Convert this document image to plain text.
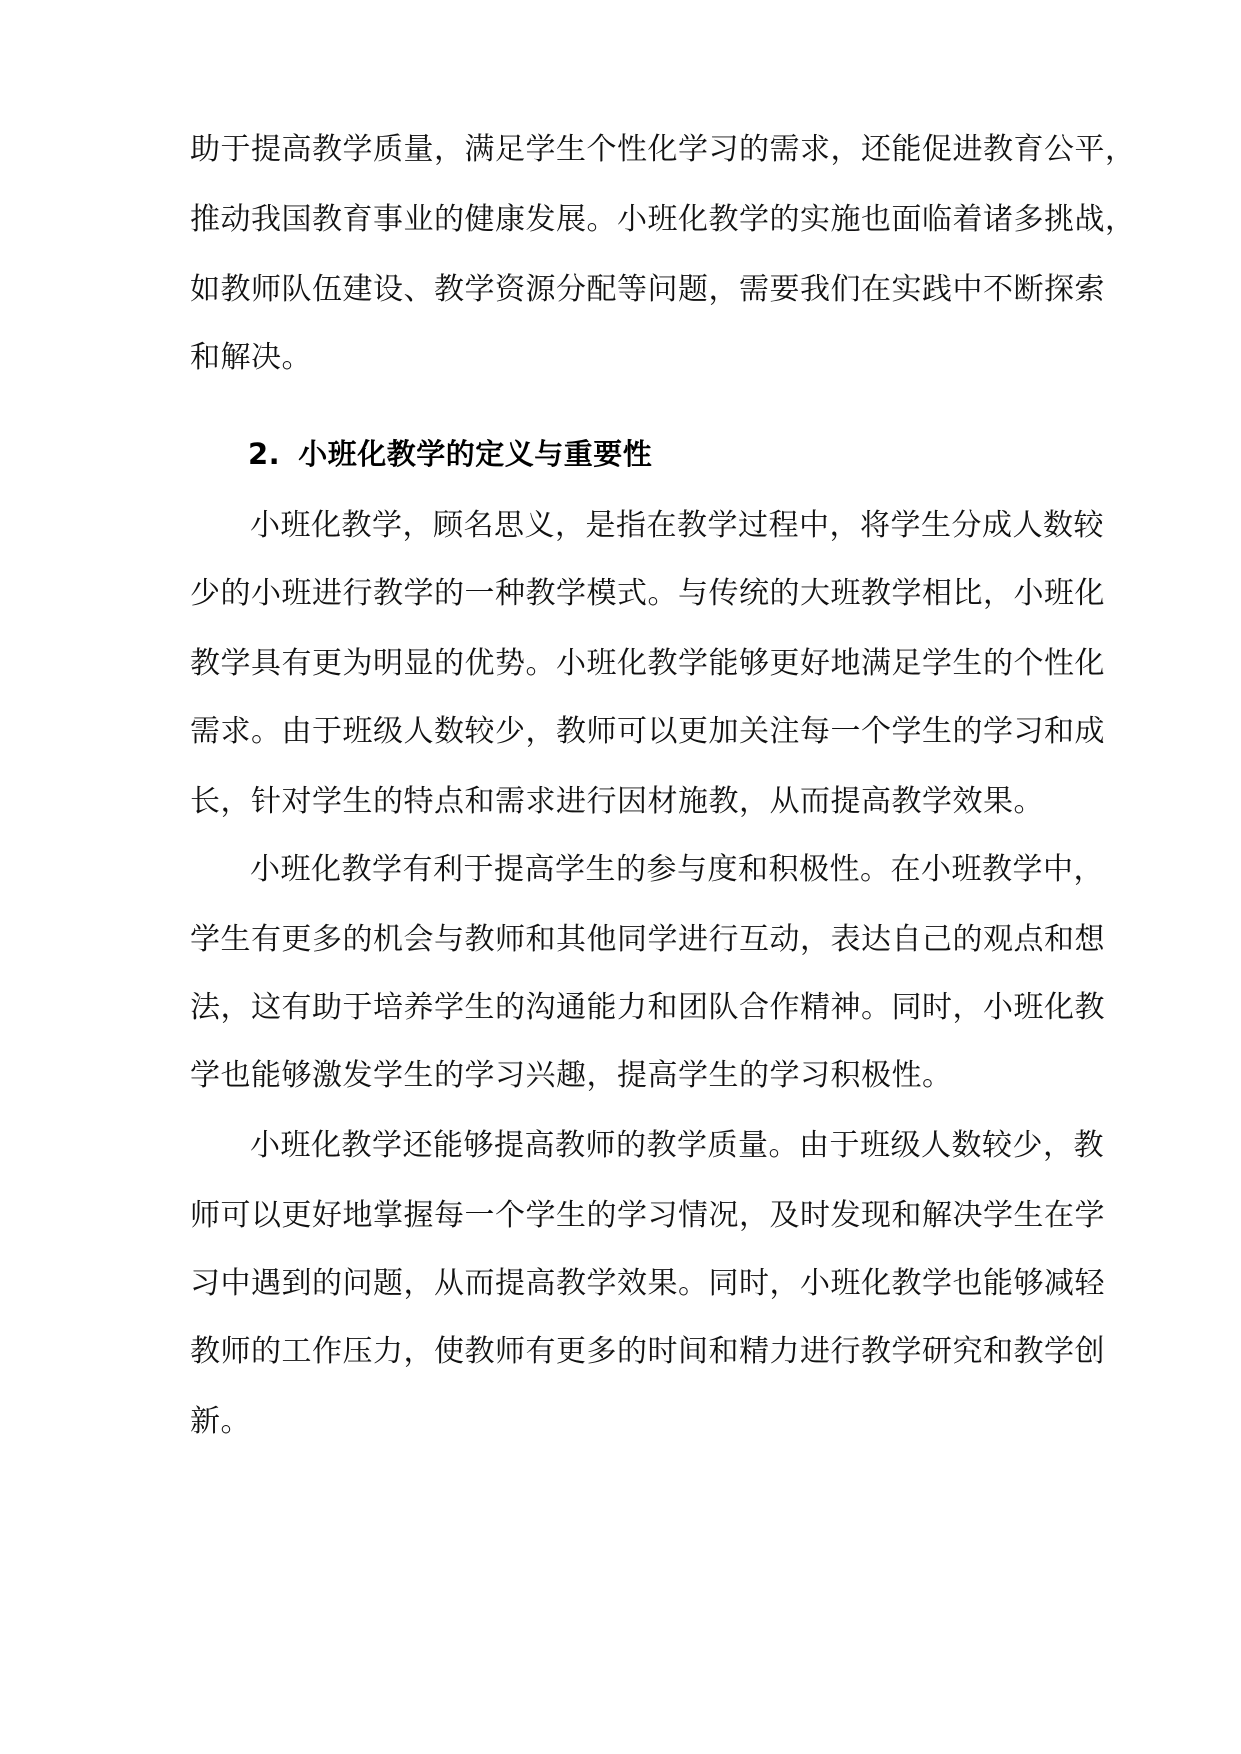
助于提高教学质量，满足学生个性化学习的需求，还能促进教育公平，
推动我国教育事业的健康发展。小班化教学的实施也面临着诸多挑战，
如教师队伍建设、教学资源分配等问题，需要我们在实践中不断探索
和解决。
2. 小班化教学的定义与重要性
小班化教学，顾名思义，是指在教学过程中，将学生分成人数较
少的小班进行教学的一种教学模式。与传统的大班教学相比，小班化
教学具有更为明显的优势。小班化教学能够更好地满足学生的个性化
需求。由于班级人数较少，教师可以更加关注每一个学生的学习和成
长，针对学生的特点和需求进行因材施教，从而提高教学效果。
小班化教学有利于提高学生的参与度和积极性。在小班教学中，
学生有更多的机会与教师和其他同学进行互动，表达自己的观点和想
法，这有助于培养学生的沟通能力和团队合作精神。同时，小班化教
学也能够激发学生的学习兴趣，提高学生的学习积极性。
小班化教学还能够提高教师的教学质量。由于班级人数较少，教
师可以更好地掌握每一个学生的学习情况，及时发现和解决学生在学
习中遇到的问题，从而提高教学效果。同时，小班化教学也能够减轻
教师的工作压力，使教师有更多的时间和精力进行教学研究和教学创
新。
